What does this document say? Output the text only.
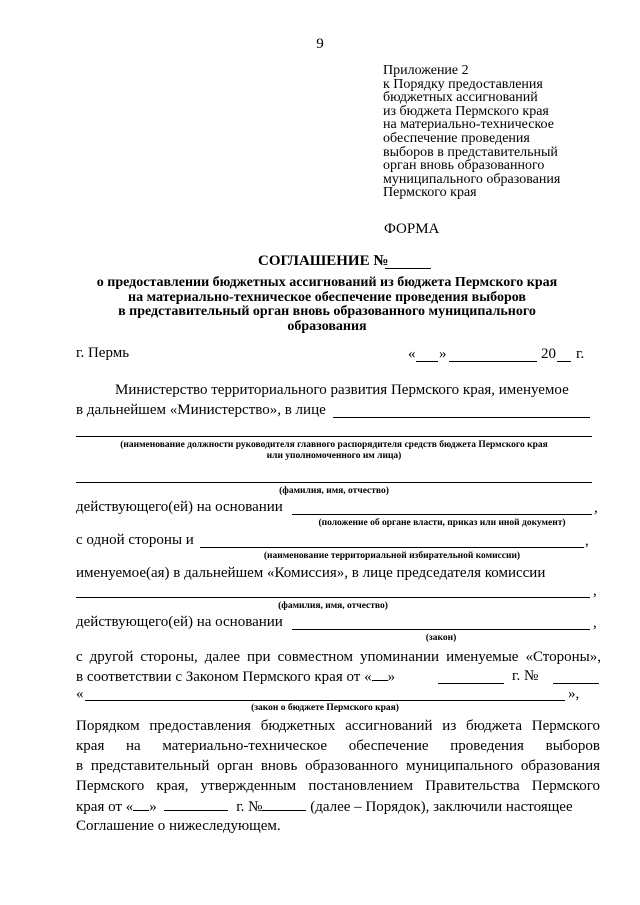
9
Приложение 2
к Порядку предоставления
бюджетных ассигнований
из бюджета Пермского края
на материально-техническое
обеспечение проведения
выборов в представительный
орган вновь образованного
муниципального образования
Пермского края
ФОРМА
СОГЛАШЕНИЕ №
о предоставлении бюджетных ассигнований из бюджета Пермского края
на материально-техническое обеспечение проведения выборов
в представительный орган вновь образованного муниципального
образования
г. Пермь	« »	20 г.
Министерство территориального развития Пермского края, именуемое
в дальнейшем «Министерство», в лице
(наименование должности руководителя главного распорядителя средств бюджета Пермского края
или уполномоченного им лица)
(фамилия, имя, отчество)
действующего(ей) на основании	,
(положение об органе власти, приказ или иной документ)
с одной стороны и	,
(наименование территориальной избирательной комиссии)
именуемое(ая) в дальнейшем «Комиссия», в лице председателя комиссии
,
(фамилия, имя, отчество)
действующего(ей) на основании	,
(закон)
с другой стороны, далее при совместном упоминании именуемые «Стороны»,
в соответствии с Законом Пермского края от « »	г. №
«	»,
(закон о бюджете Пермского края)
Порядком предоставления бюджетных ассигнований из бюджета Пермского
края на материально-техническое обеспечение проведения выборов
в представительный орган вновь образованного муниципального образования
Пермского края, утвержденным постановлением Правительства Пермского
края от « »	г. №	(далее – Порядок), заключили настоящее
Соглашение о нижеследующем.
